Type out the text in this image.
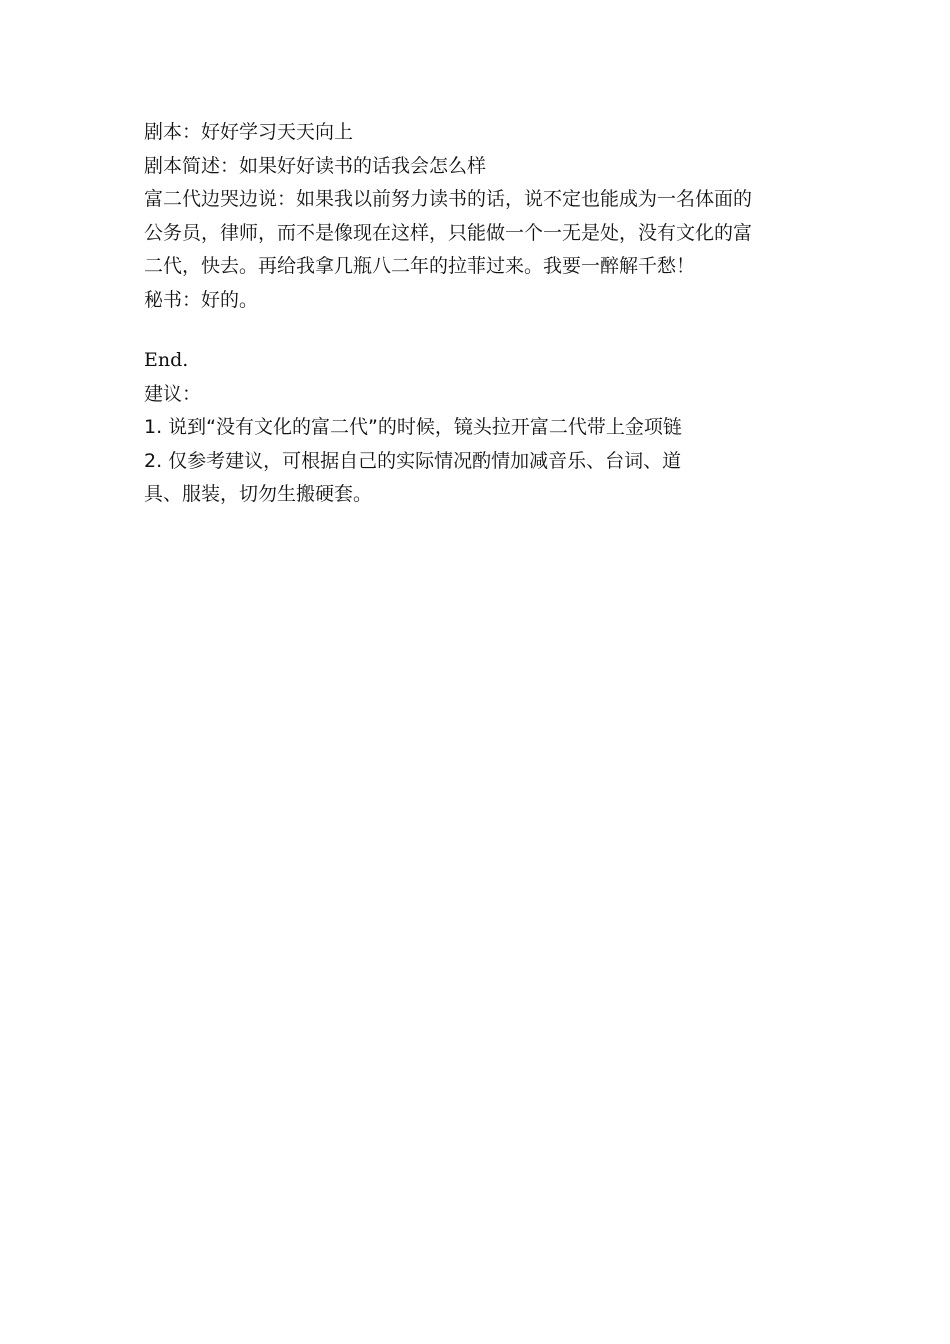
剧本：好好学习天天向上

剧本简述：如果好好读书的话我会怎么样

富二代边哭边说：如果我以前努力读书的话，说不定也能成为一名体面的

公务员，律师，而不是像现在这样，只能做一个一无是处，没有文化的富

二代，快去。再给我拿几瓶八二年的拉菲过来。我要一醉解千愁！

秘书：好的。

End.

建议：

1. 说到“没有文化的富二代”的时候，镜头拉开富二代带上金项链

2. 仅参考建议，可根据自己的实际情况酌情加减音乐、台词、道

具、服装，切勿生搬硬套。
